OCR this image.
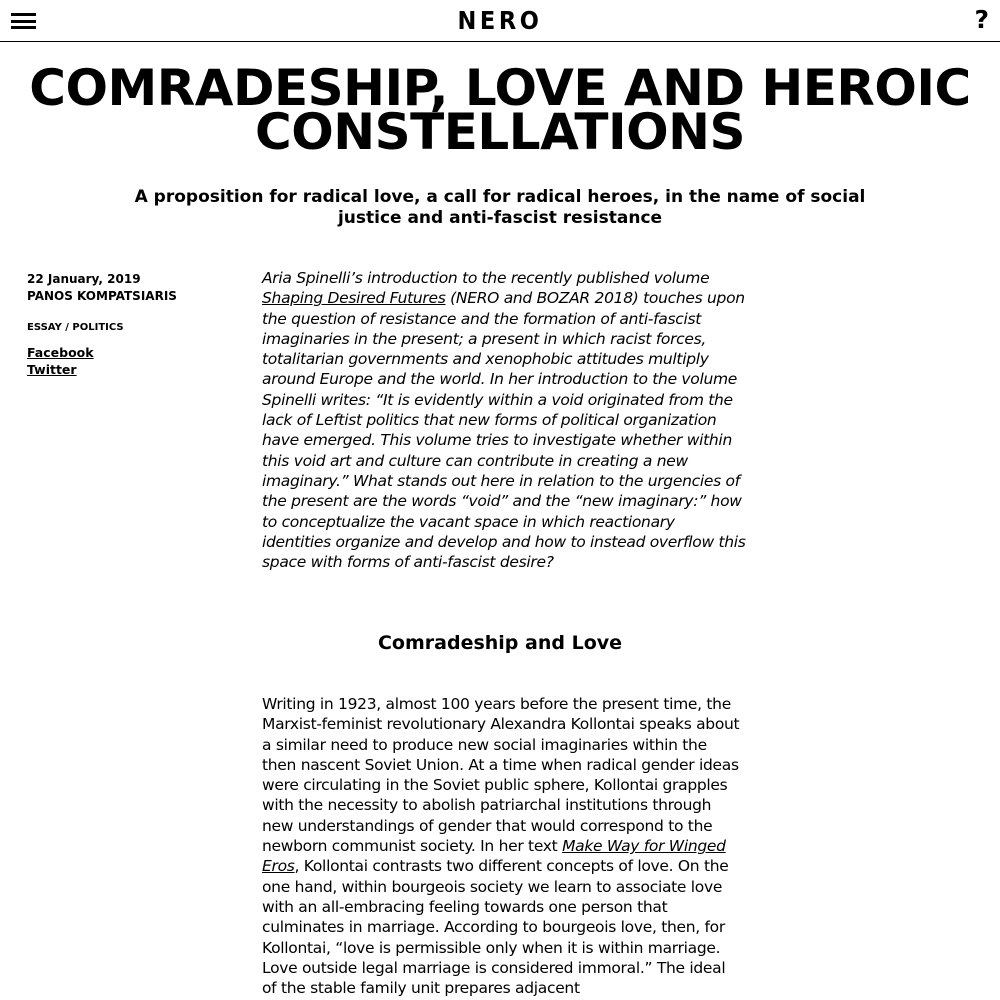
NERO	?
COMRADESHIP, LOVE AND HEROIC CONSTELLATIONS
A proposition for radical love, a call for radical heroes, in the name of social justice and anti-fascist resistance
22 January, 2019
PANOS KOMPATSIARIS
ESSAY / POLITICS
Facebook
Twitter

Aria Spinelli’s introduction to the recently published volume Shaping Desired Futures (NERO and BOZAR 2018) touches upon the question of resistance and the formation of anti-fascist imaginaries in the present; a present in which racist forces, totalitarian governments and xenophobic attitudes multiply around Europe and the world. In her introduction to the volume Spinelli writes: “It is evidently within a void originated from the lack of Leftist politics that new forms of political organization have emerged. This volume tries to investigate whether within this void art and culture can contribute in creating a new imaginary.” What stands out here in relation to the urgencies of the present are the words “void” and the “new imaginary:” how to conceptualize the vacant space in which reactionary identities organize and develop and how to instead overflow this space with forms of anti-fascist desire?

Comradeship and Love

Writing in 1923, almost 100 years before the present time, the Marxist-feminist revolutionary Alexandra Kollontai speaks about a similar need to produce new social imaginaries within the then nascent Soviet Union. At a time when radical gender ideas were circulating in the Soviet public sphere, Kollontai grapples with the necessity to abolish patriarchal institutions through new understandings of gender that would correspond to the newborn communist society. In her text Make Way for Winged Eros, Kollontai contrasts two different concepts of love. On the one hand, within bourgeois society we learn to associate love with an all-embracing feeling towards one person that culminates in marriage. According to bourgeois love, then, for Kollontai, “love is permissible only when it is within marriage. Love outside legal marriage is considered immoral.” The ideal of the stable family unit prepares adjacent
